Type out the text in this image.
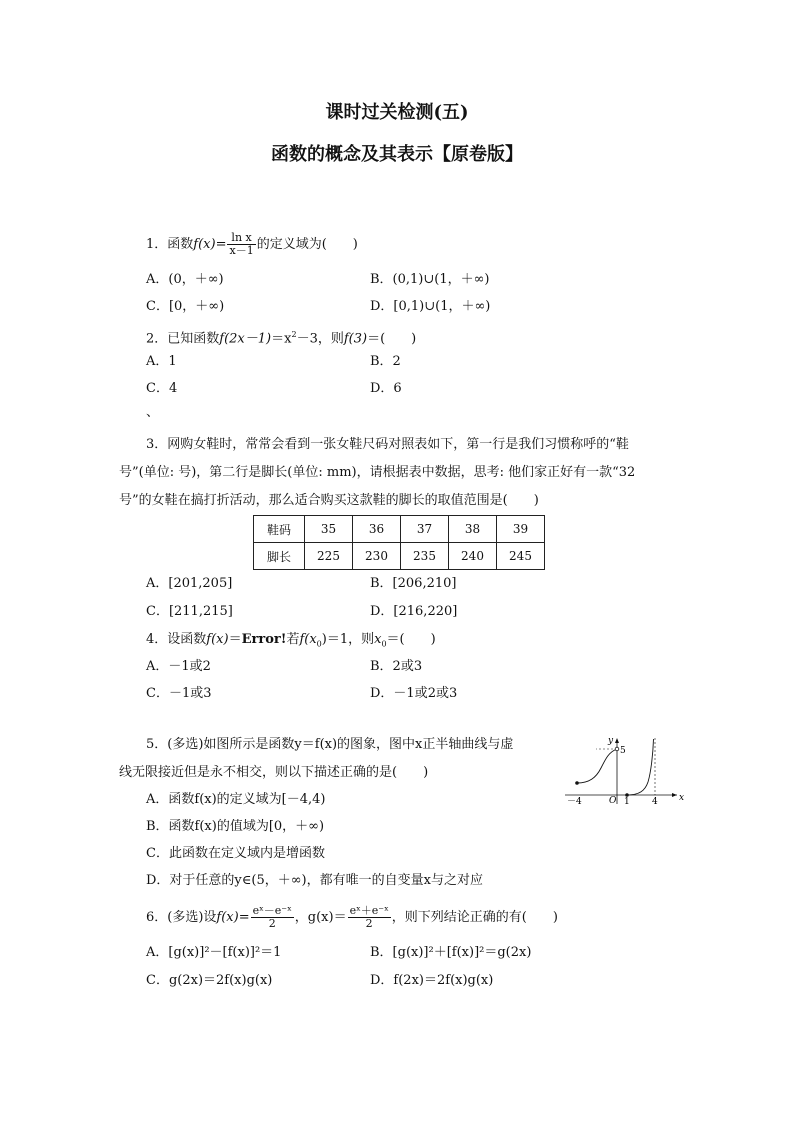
课时过关检测(五)
函数的概念及其表示【原卷版】
1．函数$f(x)= \frac{\text{ln x}}{x-1}$ 的定义域为(　　)
A．(0，＋∞)	B．(0,1)∪(1，＋∞)
C．[0，＋∞)	D．[0,1)∪(1，＋∞)
2．已知函数$f(2x-1)=x^2-3$，则f(3)＝(　　)
A．1	B．2
C．4	D．6
、
3．网购女鞋时，常常会看到一张女鞋尺码对照表如下，第一行是我们习惯称呼的“鞋
号”(单位: 号)，第二行是脚长(单位: mm)，请根据表中数据，思考: 他们家正好有一款“32
号”的女鞋在搞打折活动，那么适合购买这款鞋的脚长的取值范围是(　　)
鞋码	35	36	37	38	39
脚长	225	230	235	240	245
A．[201,205]	B．[206,210]
C．[211,215]	D．[216,220]
4．设函数f(x)＝Error!若$f(x_0)=1$，则$x_0=$(　　)
A．－1或2	B．2或3
C．－1或3	D．－1或2或3
5．(多选)如图所示是函数y＝f(x)的图象，图中x正半轴曲线与虚
线无限接近但是永不相交，则以下描述正确的是(　　)
A．函数f(x)的定义域为[－4,4)
B．函数f(x)的值域为[0，＋∞)
C．此函数在定义域内是增函数
D．对于任意的y∈(5，＋∞)，都有唯一的自变量x与之对应
y
5
x
O
－4	1 4
6．(多选)设$f(x)= \frac{\text{eˣ－e⁻ˣ}}{2}$ ，$g(x)= \frac{\text{eˣ＋e⁻ˣ}}{2}$ ，则下列结论正确的有(　　)
A．[g(x)]²－[f(x)]²＝1	B．[g(x)]²＋[f(x)]²＝g(2x)
C．g(2x)＝2f(x)g(x)	D．f(2x)＝2f(x)g(x)
